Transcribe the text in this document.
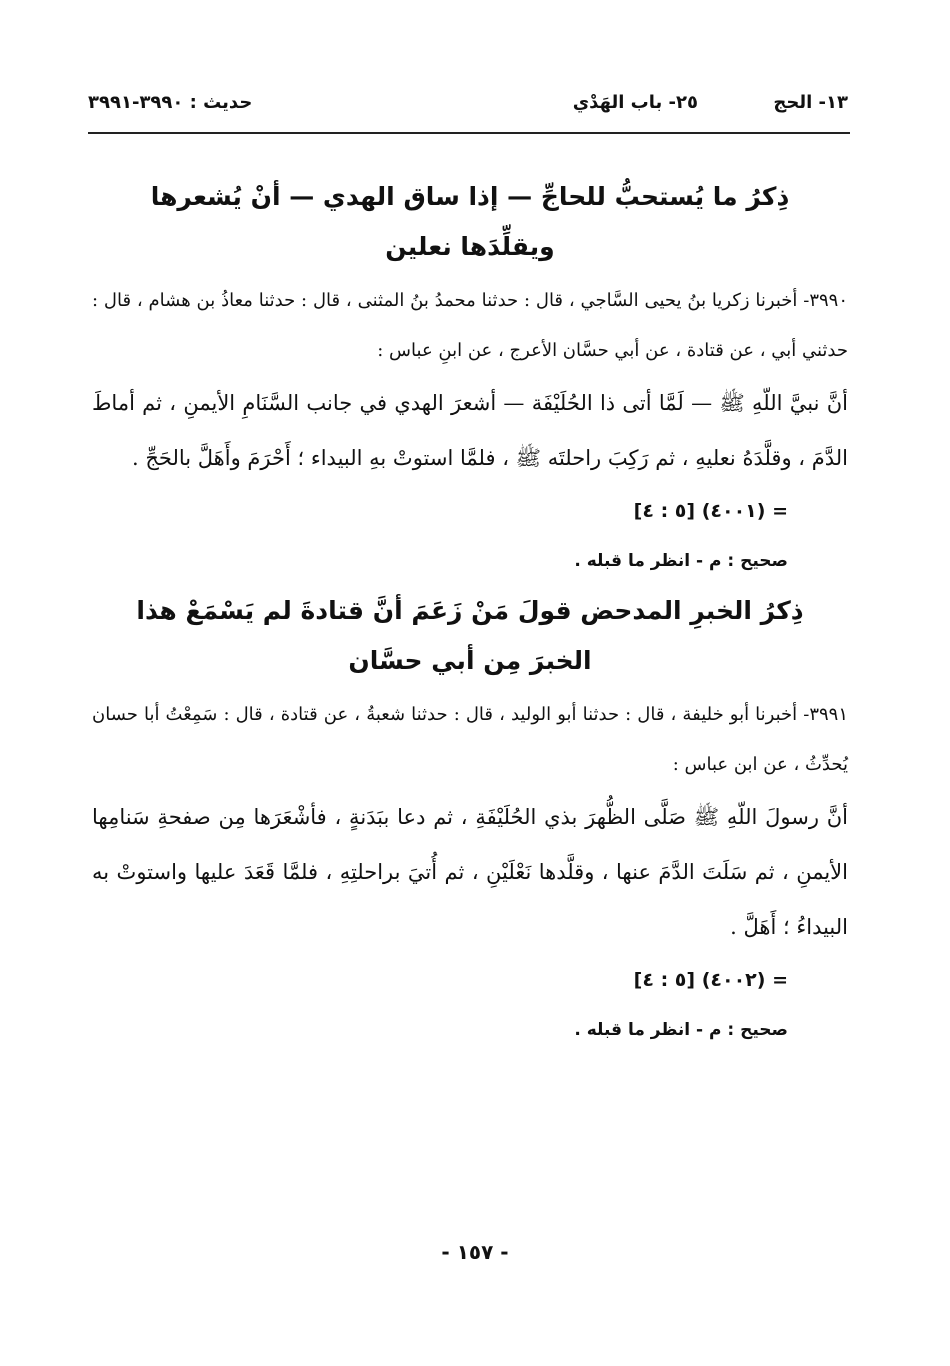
١٣- الحج
٢٥- باب الهَدْي
حديث : ٣٩٩٠-٣٩٩١

ذِكرُ ما يُستحبُّ للحاجِّ — إذا ساق الهدي — أنْ يُشعرها

ويقلِّدَها نعلين

٣٩٩٠- أخبرنا زكريا بنُ يحيى السَّاجي ، قال : حدثنا محمدُ بنُ المثنى ، قال : حدثنا معاذُ بن هشام ، قال : حدثني أبي ، عن قتادة ، عن أبي حسَّان الأعرج ، عن ابنِ عباس :

أنَّ نبيَّ اللّهِ ﷺ — لَمَّا أتى ذا الحُلَيْفَة — أشعرَ الهدي في جانب السَّنَامِ الأيمنِ ، ثم أماطَ الدَّمَ ، وقلَّدَهُ نعليهِ ، ثم رَكِبَ راحلتَه ﷺ ، فلمَّا استوتْ بهِ البيداء ؛ أَحْرَمَ وأَهَلَّ بالحَجِّ .

= (٤٠٠١) [٥ : ٤]

صحيح : م - انظر ما قبله .

ذِكرُ الخبرِ المدحض قولَ مَنْ زَعَمَ أنَّ قتادةَ لم يَسْمَعْ هذا

الخبرَ مِن أبي حسَّان

٣٩٩١- أخبرنا أبو خليفة ، قال : حدثنا أبو الوليد ، قال : حدثنا شعبةُ ، عن قتادة ، قال : سَمِعْتُ أبا حسان يُحدِّثُ ، عن ابن عباس :

أنَّ رسولَ اللّهِ ﷺ صَلَّى الظُّهرَ بذي الحُلَيْفَةِ ، ثم دعا ببَدَنةٍ ، فأشْعَرَها مِن صفحةِ سَنامِها الأيمنِ ، ثم سَلَتَ الدَّمَ عنها ، وقلَّدها نَعْلَيْنِ ، ثم أُتيَ براحلتِهِ ، فلمَّا قَعَدَ عليها واستوتْ به البيداءُ ؛ أَهَلَّ .

= (٤٠٠٢) [٥ : ٤]

صحيح : م - انظر ما قبله .

- ١٥٧ -
